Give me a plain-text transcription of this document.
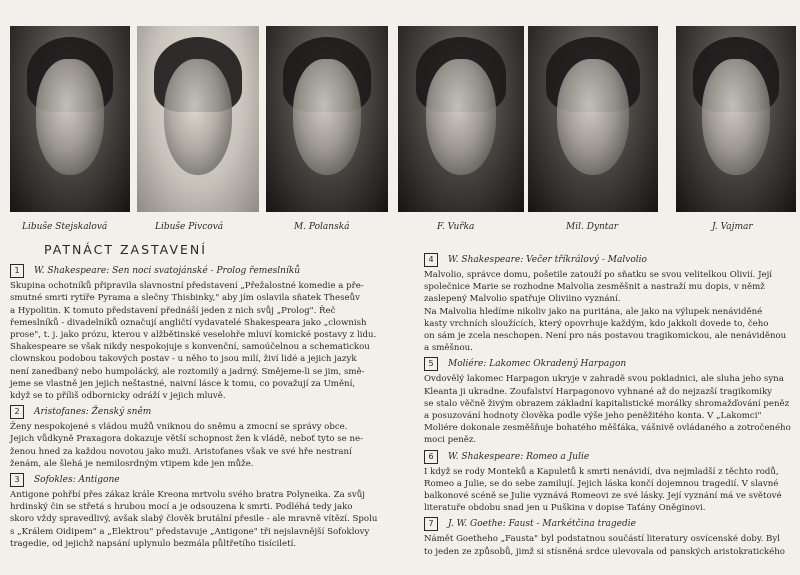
Libuše Stejskalová	Libuše Pivcová	M. Polanská	F. Vuřka	Mil. Dyntar	J. Vajmar
PATNÁCT ZASTAVENÍ
1	W. Shakespeare: Sen noci svatojánské - Prolog řemeslníků

Skupina ochotníků připravila slavnostní představení „Přežalostné komedie a pře-

smutné smrti rytíře Pyrama a slečny Thisbinky," aby jím oslavila sňatek Theseův

a Hypolitin. K tomuto představení přednáší jeden z nich svůj „Prolog". Řeč

řemeslníků - divadelníků označují angličtí vydavatelé Shakespeara jako „clownish

prose", t. j. jako prózu, kterou v alžbětinské veselohře mluví komické postavy z lidu.

Shakespeare se však nikdy nespokojuje s konvenční, samoúčelnou a schematickou

clownskou podobou takových postav - u něho to jsou milí, živí lidé a jejich jazyk

není zanedbaný nebo humpolácký, ale roztomilý a jadrný. Smějeme-li se jim, smě-

jeme se vlastně jen jejich neštastné, naivní lásce k tomu, co považují za Umění,

když se to příliš odbornicky odráží v jejich mluvě.

2	Aristofanes: Ženský sněm

Ženy nespokojené s vládou mužů vniknou do sněmu a zmocní se správy obce.

Jejich vůdkyně Praxagora dokazuje větší schopnost žen k vládě, neboť tyto se ne-

ženou hned za každou novotou jako muži. Aristofanes však ve své hře nestraní

ženám, ale šlehá je nemilosrdným vtipem kde jen může.

3	Sofokles: Antigone

Antigone pohřbí přes zákaz krále Kreona mrtvolu svého bratra Polyneika. Za svůj

hrdinský čin se střetá s hrubou mocí a je odsouzena k smrti. Podléhá tedy jako

skoro vždy spravedlivý, avšak slabý člověk brutální přesile - ale mravně vítězí. Spolu

s „Králem Oidipem" a „Elektrou" představuje „Antigone" tři nejslavnější Sofoklovy

tragedie, od jejichž napsání uplynulo bezmála půltřetího tisíciletí.

4	W. Shakespeare: Večer tříkrálový - Malvolio

Malvolio, správce domu, pošetile zatouží po sňatku se svou velitelkou Olivií. Její

společnice Marie se rozhodne Malvolia zesměšnit a nastraží mu dopis, v němž

zaslepený Malvolio spatřuje Oliviino vyznání.

Na Malvolia hledíme nikoliv jako na puritána, ale jako na výlupek nenáviděné

kasty vrchních sloužících, který opovrhuje každým, kdo jakkoli dovede to, čeho

on sám je zcela neschopen. Není pro nás postavou tragikomickou, ale nenáviděnou

a směšnou.

5	Moliére: Lakomec Okradený Harpagon

Ovdovělý lakomec Harpagon ukryje v zahradě svou pokladnici, ale sluha jeho syna

Kleanta ji ukradne. Zoufalství Harpagonovo vyhnané až do nejzazší tragikomiky

se stalo věčně živým obrazem základní kapitalistické morálky shromažďování peněz

a posuzování hodnoty člověka podle výše jeho peněžitého konta. V „Lakomci"

Moliére dokonale zesměšňuje bohatého měšťáka, vášnivě ovládaného a zotročeného

moci peněz.

6	W. Shakespeare: Romeo a Julie

I když se rody Monteků a Kapuletů k smrti nenávidí, dva nejmladší z těchto rodů,

Romeo a Julie, se do sebe zamilují. Jejich láska končí dojemnou tragedií. V slavné

balkonové scéně se Julie vyznává Romeovi ze své lásky. Její vyznání má ve světové

literatuře obdobu snad jen u Puškina v dopise Taťány Oněginovi.

7	J. W. Goethe: Faust - Markétčina tragedie

Námět Goetheho „Fausta" byl podstatnou součástí literatury osvícenské doby. Byl

to jeden ze způsobů, jimž si stísněná srdce ulevovala od panských aristokratického
